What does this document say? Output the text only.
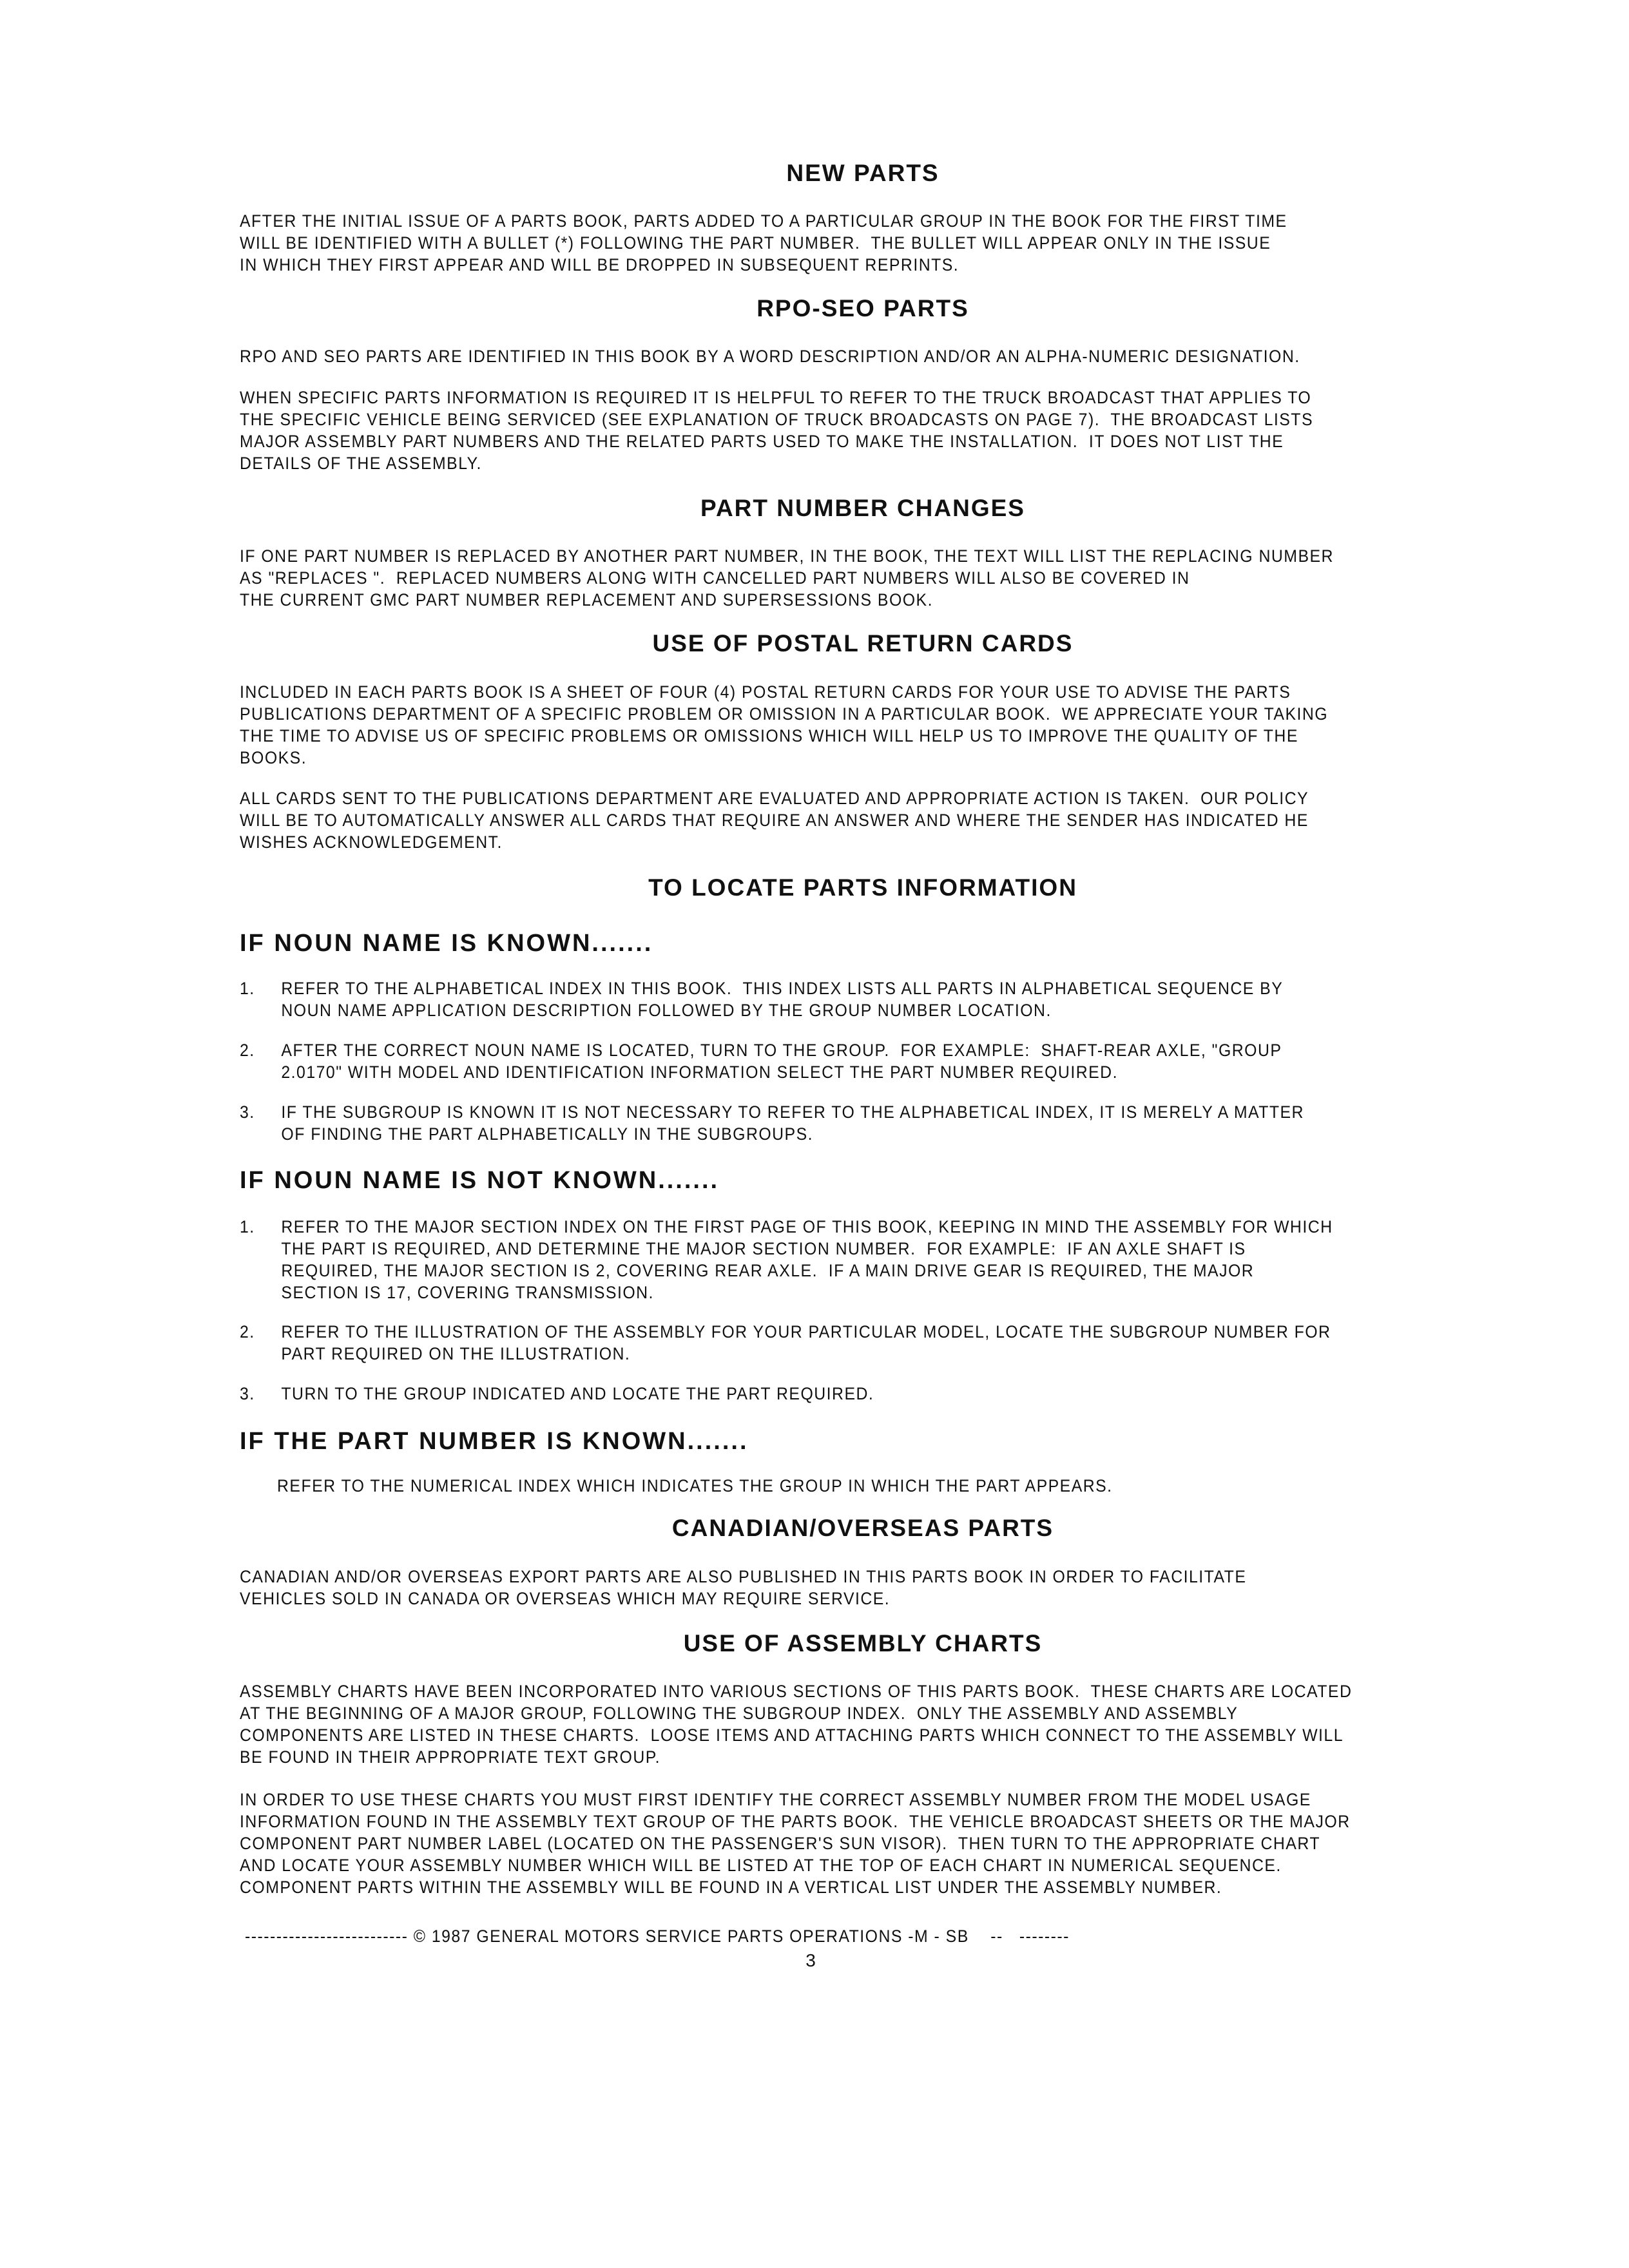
NEW PARTS

AFTER THE INITIAL ISSUE OF A PARTS BOOK, PARTS ADDED TO A PARTICULAR GROUP IN THE BOOK FOR THE FIRST TIME
WILL BE IDENTIFIED WITH A BULLET (*) FOLLOWING THE PART NUMBER.  THE BULLET WILL APPEAR ONLY IN THE ISSUE
IN WHICH THEY FIRST APPEAR AND WILL BE DROPPED IN SUBSEQUENT REPRINTS.

RPO-SEO PARTS

RPO AND SEO PARTS ARE IDENTIFIED IN THIS BOOK BY A WORD DESCRIPTION AND/OR AN ALPHA-NUMERIC DESIGNATION.

WHEN SPECIFIC PARTS INFORMATION IS REQUIRED IT IS HELPFUL TO REFER TO THE TRUCK BROADCAST THAT APPLIES TO
THE SPECIFIC VEHICLE BEING SERVICED (SEE EXPLANATION OF TRUCK BROADCASTS ON PAGE 7).  THE BROADCAST LISTS
MAJOR ASSEMBLY PART NUMBERS AND THE RELATED PARTS USED TO MAKE THE INSTALLATION.  IT DOES NOT LIST THE
DETAILS OF THE ASSEMBLY.

PART NUMBER CHANGES

IF ONE PART NUMBER IS REPLACED BY ANOTHER PART NUMBER, IN THE BOOK, THE TEXT WILL LIST THE REPLACING NUMBER
AS "REPLACES ".  REPLACED NUMBERS ALONG WITH CANCELLED PART NUMBERS WILL ALSO BE COVERED IN
THE CURRENT GMC PART NUMBER REPLACEMENT AND SUPERSESSIONS BOOK.

USE OF POSTAL RETURN CARDS

INCLUDED IN EACH PARTS BOOK IS A SHEET OF FOUR (4) POSTAL RETURN CARDS FOR YOUR USE TO ADVISE THE PARTS
PUBLICATIONS DEPARTMENT OF A SPECIFIC PROBLEM OR OMISSION IN A PARTICULAR BOOK.  WE APPRECIATE YOUR TAKING
THE TIME TO ADVISE US OF SPECIFIC PROBLEMS OR OMISSIONS WHICH WILL HELP US TO IMPROVE THE QUALITY OF THE
BOOKS.

ALL CARDS SENT TO THE PUBLICATIONS DEPARTMENT ARE EVALUATED AND APPROPRIATE ACTION IS TAKEN.  OUR POLICY
WILL BE TO AUTOMATICALLY ANSWER ALL CARDS THAT REQUIRE AN ANSWER AND WHERE THE SENDER HAS INDICATED HE
WISHES ACKNOWLEDGEMENT.

TO LOCATE PARTS INFORMATION
IF NOUN NAME IS KNOWN.......
1. REFER TO THE ALPHABETICAL INDEX IN THIS BOOK.  THIS INDEX LISTS ALL PARTS IN ALPHABETICAL SEQUENCE BY
NOUN NAME APPLICATION DESCRIPTION FOLLOWED BY THE GROUP NUMBER LOCATION.
2. AFTER THE CORRECT NOUN NAME IS LOCATED, TURN TO THE GROUP.  FOR EXAMPLE:  SHAFT-REAR AXLE, "GROUP
2.0170" WITH MODEL AND IDENTIFICATION INFORMATION SELECT THE PART NUMBER REQUIRED.
3. IF THE SUBGROUP IS KNOWN IT IS NOT NECESSARY TO REFER TO THE ALPHABETICAL INDEX, IT IS MERELY A MATTER
OF FINDING THE PART ALPHABETICALLY IN THE SUBGROUPS.
IF NOUN NAME IS NOT KNOWN.......
1. REFER TO THE MAJOR SECTION INDEX ON THE FIRST PAGE OF THIS BOOK, KEEPING IN MIND THE ASSEMBLY FOR WHICH
THE PART IS REQUIRED, AND DETERMINE THE MAJOR SECTION NUMBER.  FOR EXAMPLE:  IF AN AXLE SHAFT IS
REQUIRED, THE MAJOR SECTION IS 2, COVERING REAR AXLE.  IF A MAIN DRIVE GEAR IS REQUIRED, THE MAJOR
SECTION IS 17, COVERING TRANSMISSION.
2. REFER TO THE ILLUSTRATION OF THE ASSEMBLY FOR YOUR PARTICULAR MODEL, LOCATE THE SUBGROUP NUMBER FOR
PART REQUIRED ON THE ILLUSTRATION.
3. TURN TO THE GROUP INDICATED AND LOCATE THE PART REQUIRED.
IF THE PART NUMBER IS KNOWN.......

REFER TO THE NUMERICAL INDEX WHICH INDICATES THE GROUP IN WHICH THE PART APPEARS.

CANADIAN/OVERSEAS PARTS

CANADIAN AND/OR OVERSEAS EXPORT PARTS ARE ALSO PUBLISHED IN THIS PARTS BOOK IN ORDER TO FACILITATE
VEHICLES SOLD IN CANADA OR OVERSEAS WHICH MAY REQUIRE SERVICE.

USE OF ASSEMBLY CHARTS

ASSEMBLY CHARTS HAVE BEEN INCORPORATED INTO VARIOUS SECTIONS OF THIS PARTS BOOK.  THESE CHARTS ARE LOCATED
AT THE BEGINNING OF A MAJOR GROUP, FOLLOWING THE SUBGROUP INDEX.  ONLY THE ASSEMBLY AND ASSEMBLY
COMPONENTS ARE LISTED IN THESE CHARTS.  LOOSE ITEMS AND ATTACHING PARTS WHICH CONNECT TO THE ASSEMBLY WILL
BE FOUND IN THEIR APPROPRIATE TEXT GROUP.

IN ORDER TO USE THESE CHARTS YOU MUST FIRST IDENTIFY THE CORRECT ASSEMBLY NUMBER FROM THE MODEL USAGE
INFORMATION FOUND IN THE ASSEMBLY TEXT GROUP OF THE PARTS BOOK.  THE VEHICLE BROADCAST SHEETS OR THE MAJOR
COMPONENT PART NUMBER LABEL (LOCATED ON THE PASSENGER'S SUN VISOR).  THEN TURN TO THE APPROPRIATE CHART
AND LOCATE YOUR ASSEMBLY NUMBER WHICH WILL BE LISTED AT THE TOP OF EACH CHART IN NUMERICAL SEQUENCE.
COMPONENT PARTS WITHIN THE ASSEMBLY WILL BE FOUND IN A VERTICAL LIST UNDER THE ASSEMBLY NUMBER.

-------------------------- © 1987 GENERAL MOTORS SERVICE PARTS OPERATIONS -M - SB    --   --------

3
